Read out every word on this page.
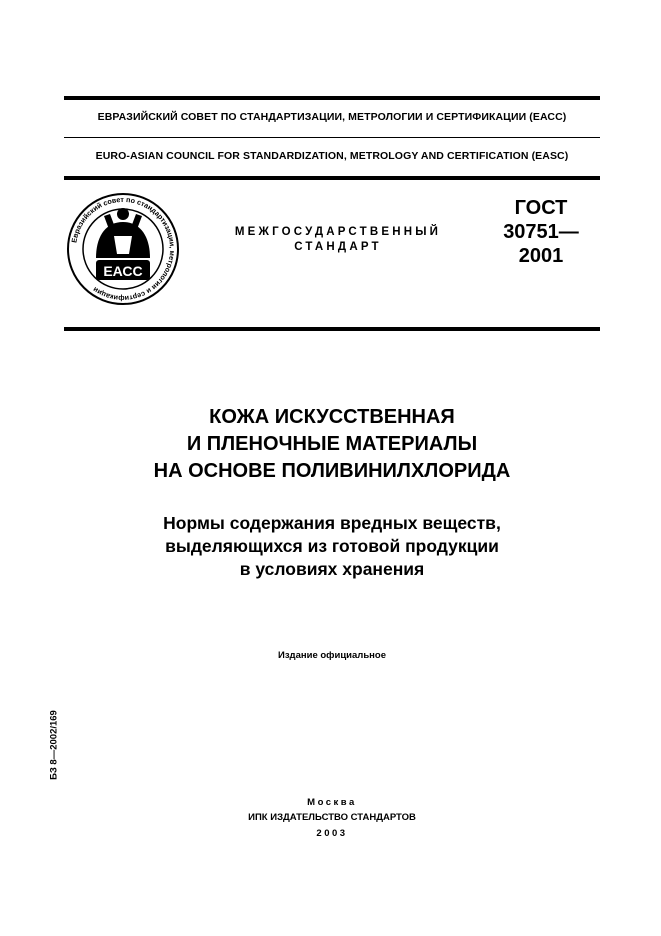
ЕВРАЗИЙСКИЙ СОВЕТ ПО СТАНДАРТИЗАЦИИ, МЕТРОЛОГИИ И СЕРТИФИКАЦИИ (ЕАСС)
EURO-ASIAN COUNCIL FOR STANDARDIZATION, METROLOGY AND CERTIFICATION (EASC)
Евразийский совет по стандартизации, метрологии и сертификации
ЕАСС
МЕЖГОСУДАРСТВЕННЫЙ
СТАНДАРТ
ГОСТ
30751—
2001
КОЖА ИСКУССТВЕННАЯ
И ПЛЕНОЧНЫЕ МАТЕРИАЛЫ
НА ОСНОВЕ ПОЛИВИНИЛХЛОРИДА
Нормы содержания вредных веществ,
выделяющихся из готовой продукции
в условиях хранения
Издание официальное
БЗ 8—2002/169
Москва
ИПК ИЗДАТЕЛЬСТВО СТАНДАРТОВ
2003
